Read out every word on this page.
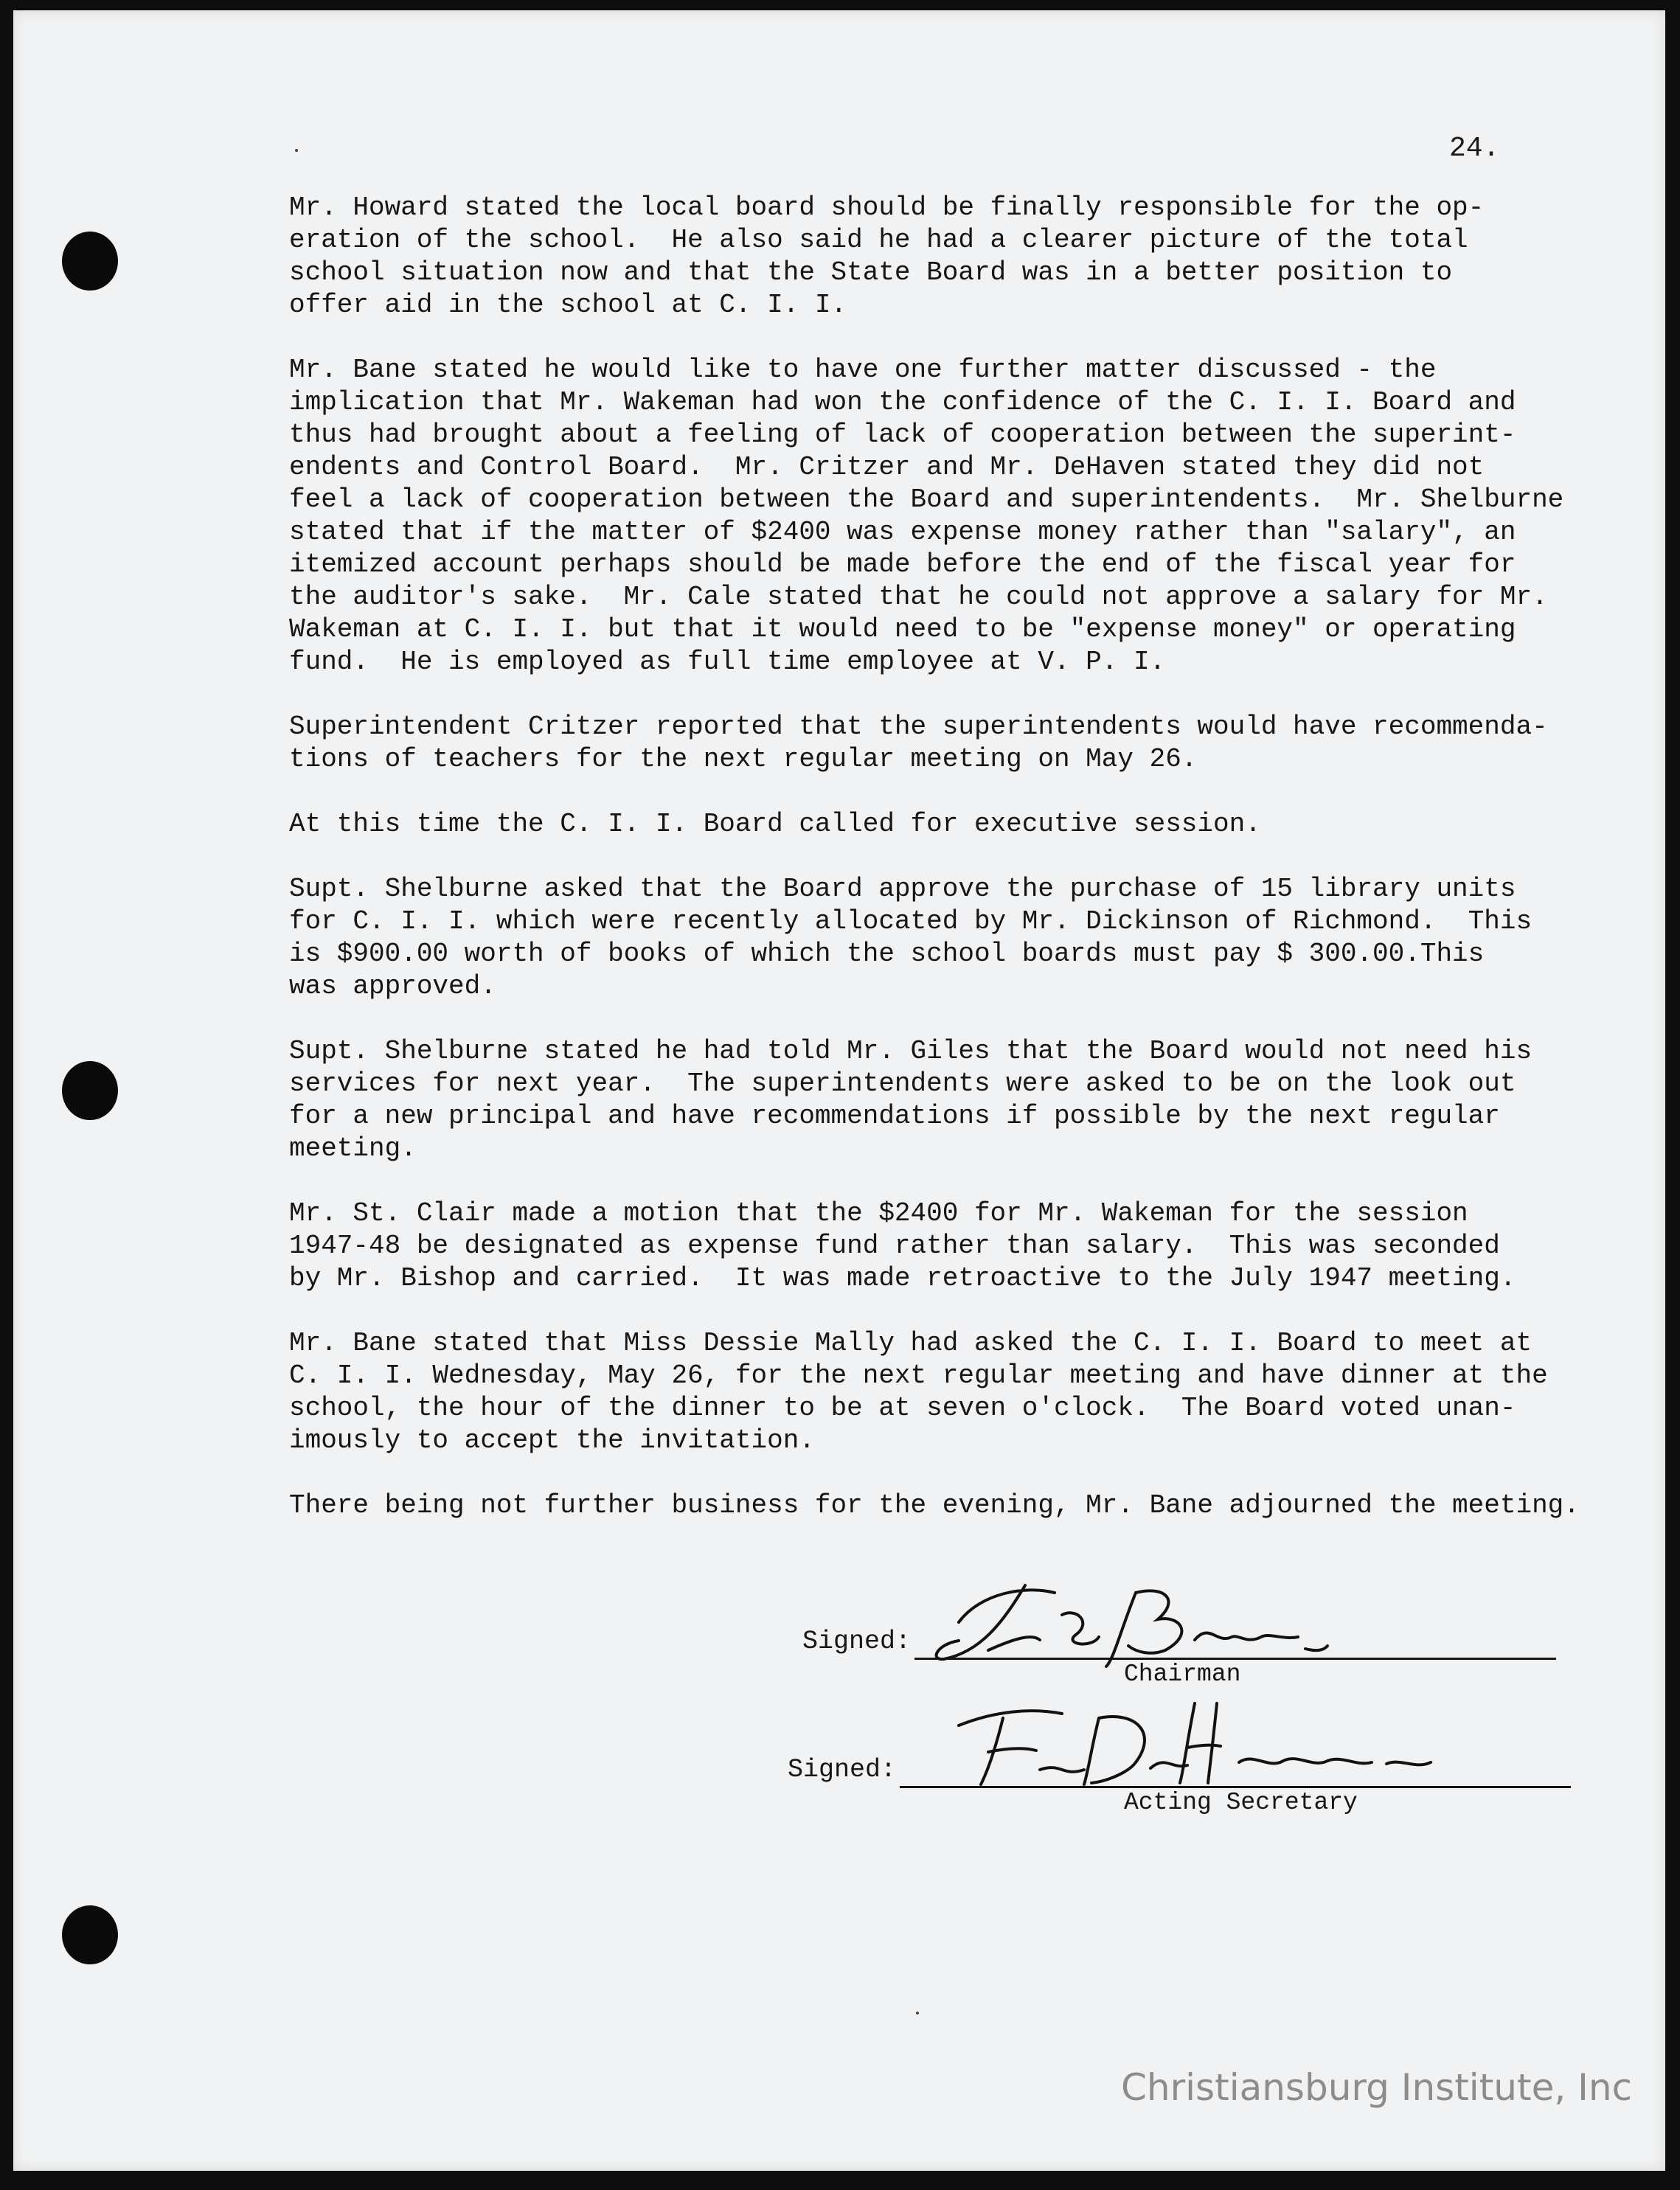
24.

Mr. Howard stated the local board should be finally responsible for the op-
eration of the school.  He also said he had a clearer picture of the total
school situation now and that the State Board was in a better position to
offer aid in the school at C. I. I.

Mr. Bane stated he would like to have one further matter discussed - the
implication that Mr. Wakeman had won the confidence of the C. I. I. Board and
thus had brought about a feeling of lack of cooperation between the superint-
endents and Control Board.  Mr. Critzer and Mr. DeHaven stated they did not
feel a lack of cooperation between the Board and superintendents.  Mr. Shelburne
stated that if the matter of $2400 was expense money rather than "salary", an
itemized account perhaps should be made before the end of the fiscal year for
the auditor's sake.  Mr. Cale stated that he could not approve a salary for Mr.
Wakeman at C. I. I. but that it would need to be "expense money" or operating
fund.  He is employed as full time employee at V. P. I.

Superintendent Critzer reported that the superintendents would have recommenda-
tions of teachers for the next regular meeting on May 26.

At this time the C. I. I. Board called for executive session.

Supt. Shelburne asked that the Board approve the purchase of 15 library units
for C. I. I. which were recently allocated by Mr. Dickinson of Richmond.  This
is $900.00 worth of books of which the school boards must pay $ 300.00.This
was approved.

Supt. Shelburne stated he had told Mr. Giles that the Board would not need his
services for next year.  The superintendents were asked to be on the look out
for a new principal and have recommendations if possible by the next regular
meeting.

Mr. St. Clair made a motion that the $2400 for Mr. Wakeman for the session
1947-48 be designated as expense fund rather than salary.  This was seconded
by Mr. Bishop and carried.  It was made retroactive to the July 1947 meeting.

Mr. Bane stated that Miss Dessie Mally had asked the C. I. I. Board to meet at
C. I. I. Wednesday, May 26, for the next regular meeting and have dinner at the
school, the hour of the dinner to be at seven o'clock.  The Board voted unan-
imously to accept the invitation.

There being not further business for the evening, Mr. Bane adjourned the meeting.

Signed:
Chairman
Signed:
Acting Secretary
Christiansburg Institute, Inc
